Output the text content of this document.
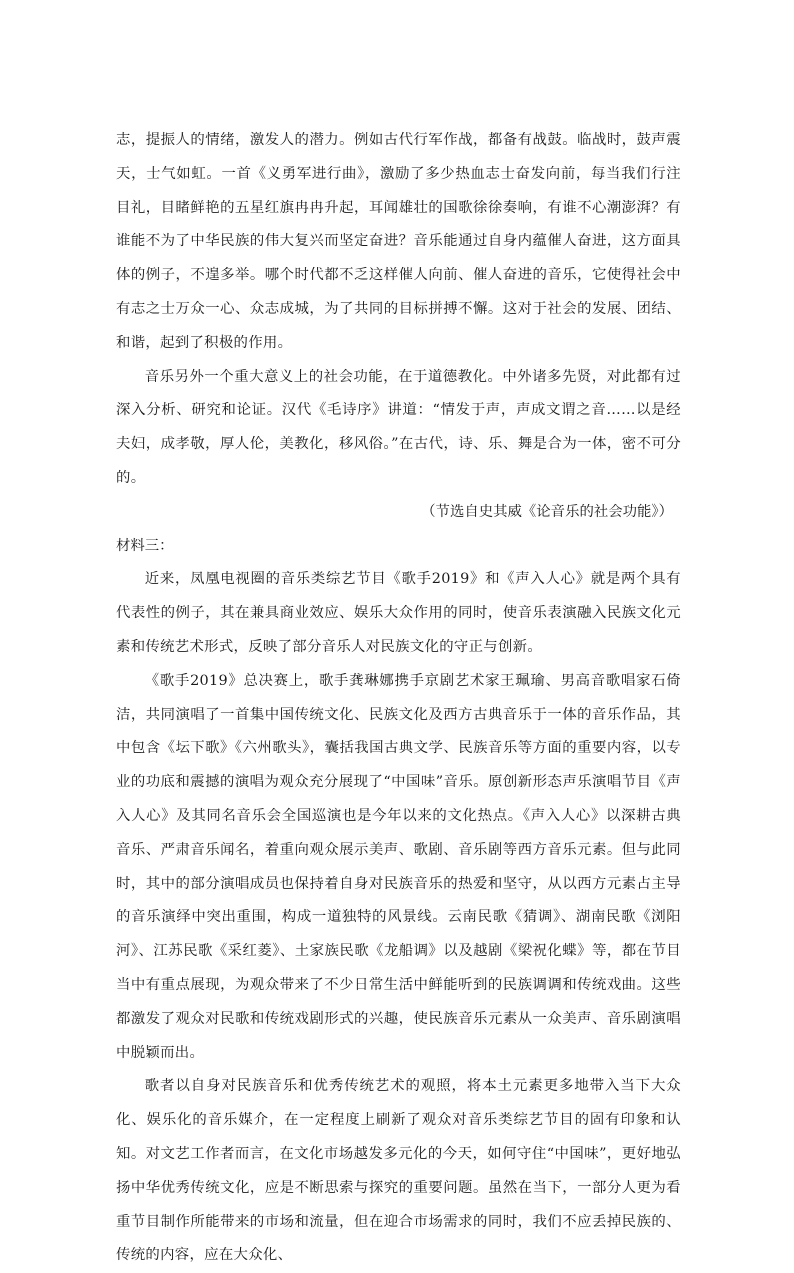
志，提振人的情绪，激发人的潜力。例如古代行军作战，都备有战鼓。临战时，鼓声震天，士气如虹。一首《义勇军进行曲》，激励了多少热血志士奋发向前，每当我们行注目礼，目睹鲜艳的五星红旗冉冉升起，耳闻雄壮的国歌徐徐奏响，有谁不心潮澎湃？有谁能不为了中华民族的伟大复兴而坚定奋进？音乐能通过自身内蕴催人奋进，这方面具体的例子，不遑多举。哪个时代都不乏这样催人向前、催人奋进的音乐，它使得社会中有志之士万众一心、众志成城，为了共同的目标拼搏不懈。这对于社会的发展、团结、和谐，起到了积极的作用。

音乐另外一个重大意义上的社会功能，在于道德教化。中外诸多先贤，对此都有过深入分析、研究和论证。汉代《毛诗序》讲道：“情发于声，声成文谓之音……以是经夫妇，成孝敬，厚人伦，美教化，移风俗。”在古代，诗、乐、舞是合为一体，密不可分的。

（节选自史其威《论音乐的社会功能》）

材料三：

近来，凤凰电视圈的音乐类综艺节目《歌手2019》和《声入人心》就是两个具有代表性的例子，其在兼具商业效应、娱乐大众作用的同时，使音乐表演融入民族文化元素和传统艺术形式，反映了部分音乐人对民族文化的守正与创新。

《歌手2019》总决赛上，歌手龚琳娜携手京剧艺术家王珮瑜、男高音歌唱家石倚洁，共同演唱了一首集中国传统文化、民族文化及西方古典音乐于一体的音乐作品，其中包含《坛下歌》《六州歌头》，囊括我国古典文学、民族音乐等方面的重要内容，以专业的功底和震撼的演唱为观众充分展现了“中国味”音乐。原创新形态声乐演唱节目《声入人心》及其同名音乐会全国巡演也是今年以来的文化热点。《声入人心》以深耕古典音乐、严肃音乐闻名，着重向观众展示美声、歌剧、音乐剧等西方音乐元素。但与此同时，其中的部分演唱成员也保持着自身对民族音乐的热爱和坚守，从以西方元素占主导的音乐演绎中突出重围，构成一道独特的风景线。云南民歌《猜调》、湖南民歌《浏阳河》、江苏民歌《采红菱》、土家族民歌《龙船调》以及越剧《梁祝化蝶》等，都在节目当中有重点展现，为观众带来了不少日常生活中鲜能听到的民族调调和传统戏曲。这些都激发了观众对民歌和传统戏剧形式的兴趣，使民族音乐元素从一众美声、音乐剧演唱中脱颖而出。

歌者以自身对民族音乐和优秀传统艺术的观照，将本土元素更多地带入当下大众化、娱乐化的音乐媒介，在一定程度上刷新了观众对音乐类综艺节目的固有印象和认知。对文艺工作者而言，在文化市场越发多元化的今天，如何守住“中国味”，更好地弘扬中华优秀传统文化，应是不断思索与探究的重要问题。虽然在当下，一部分人更为看重节目制作所能带来的市场和流量，但在迎合市场需求的同时，我们不应丢掉民族的、传统的内容，应在大众化、
